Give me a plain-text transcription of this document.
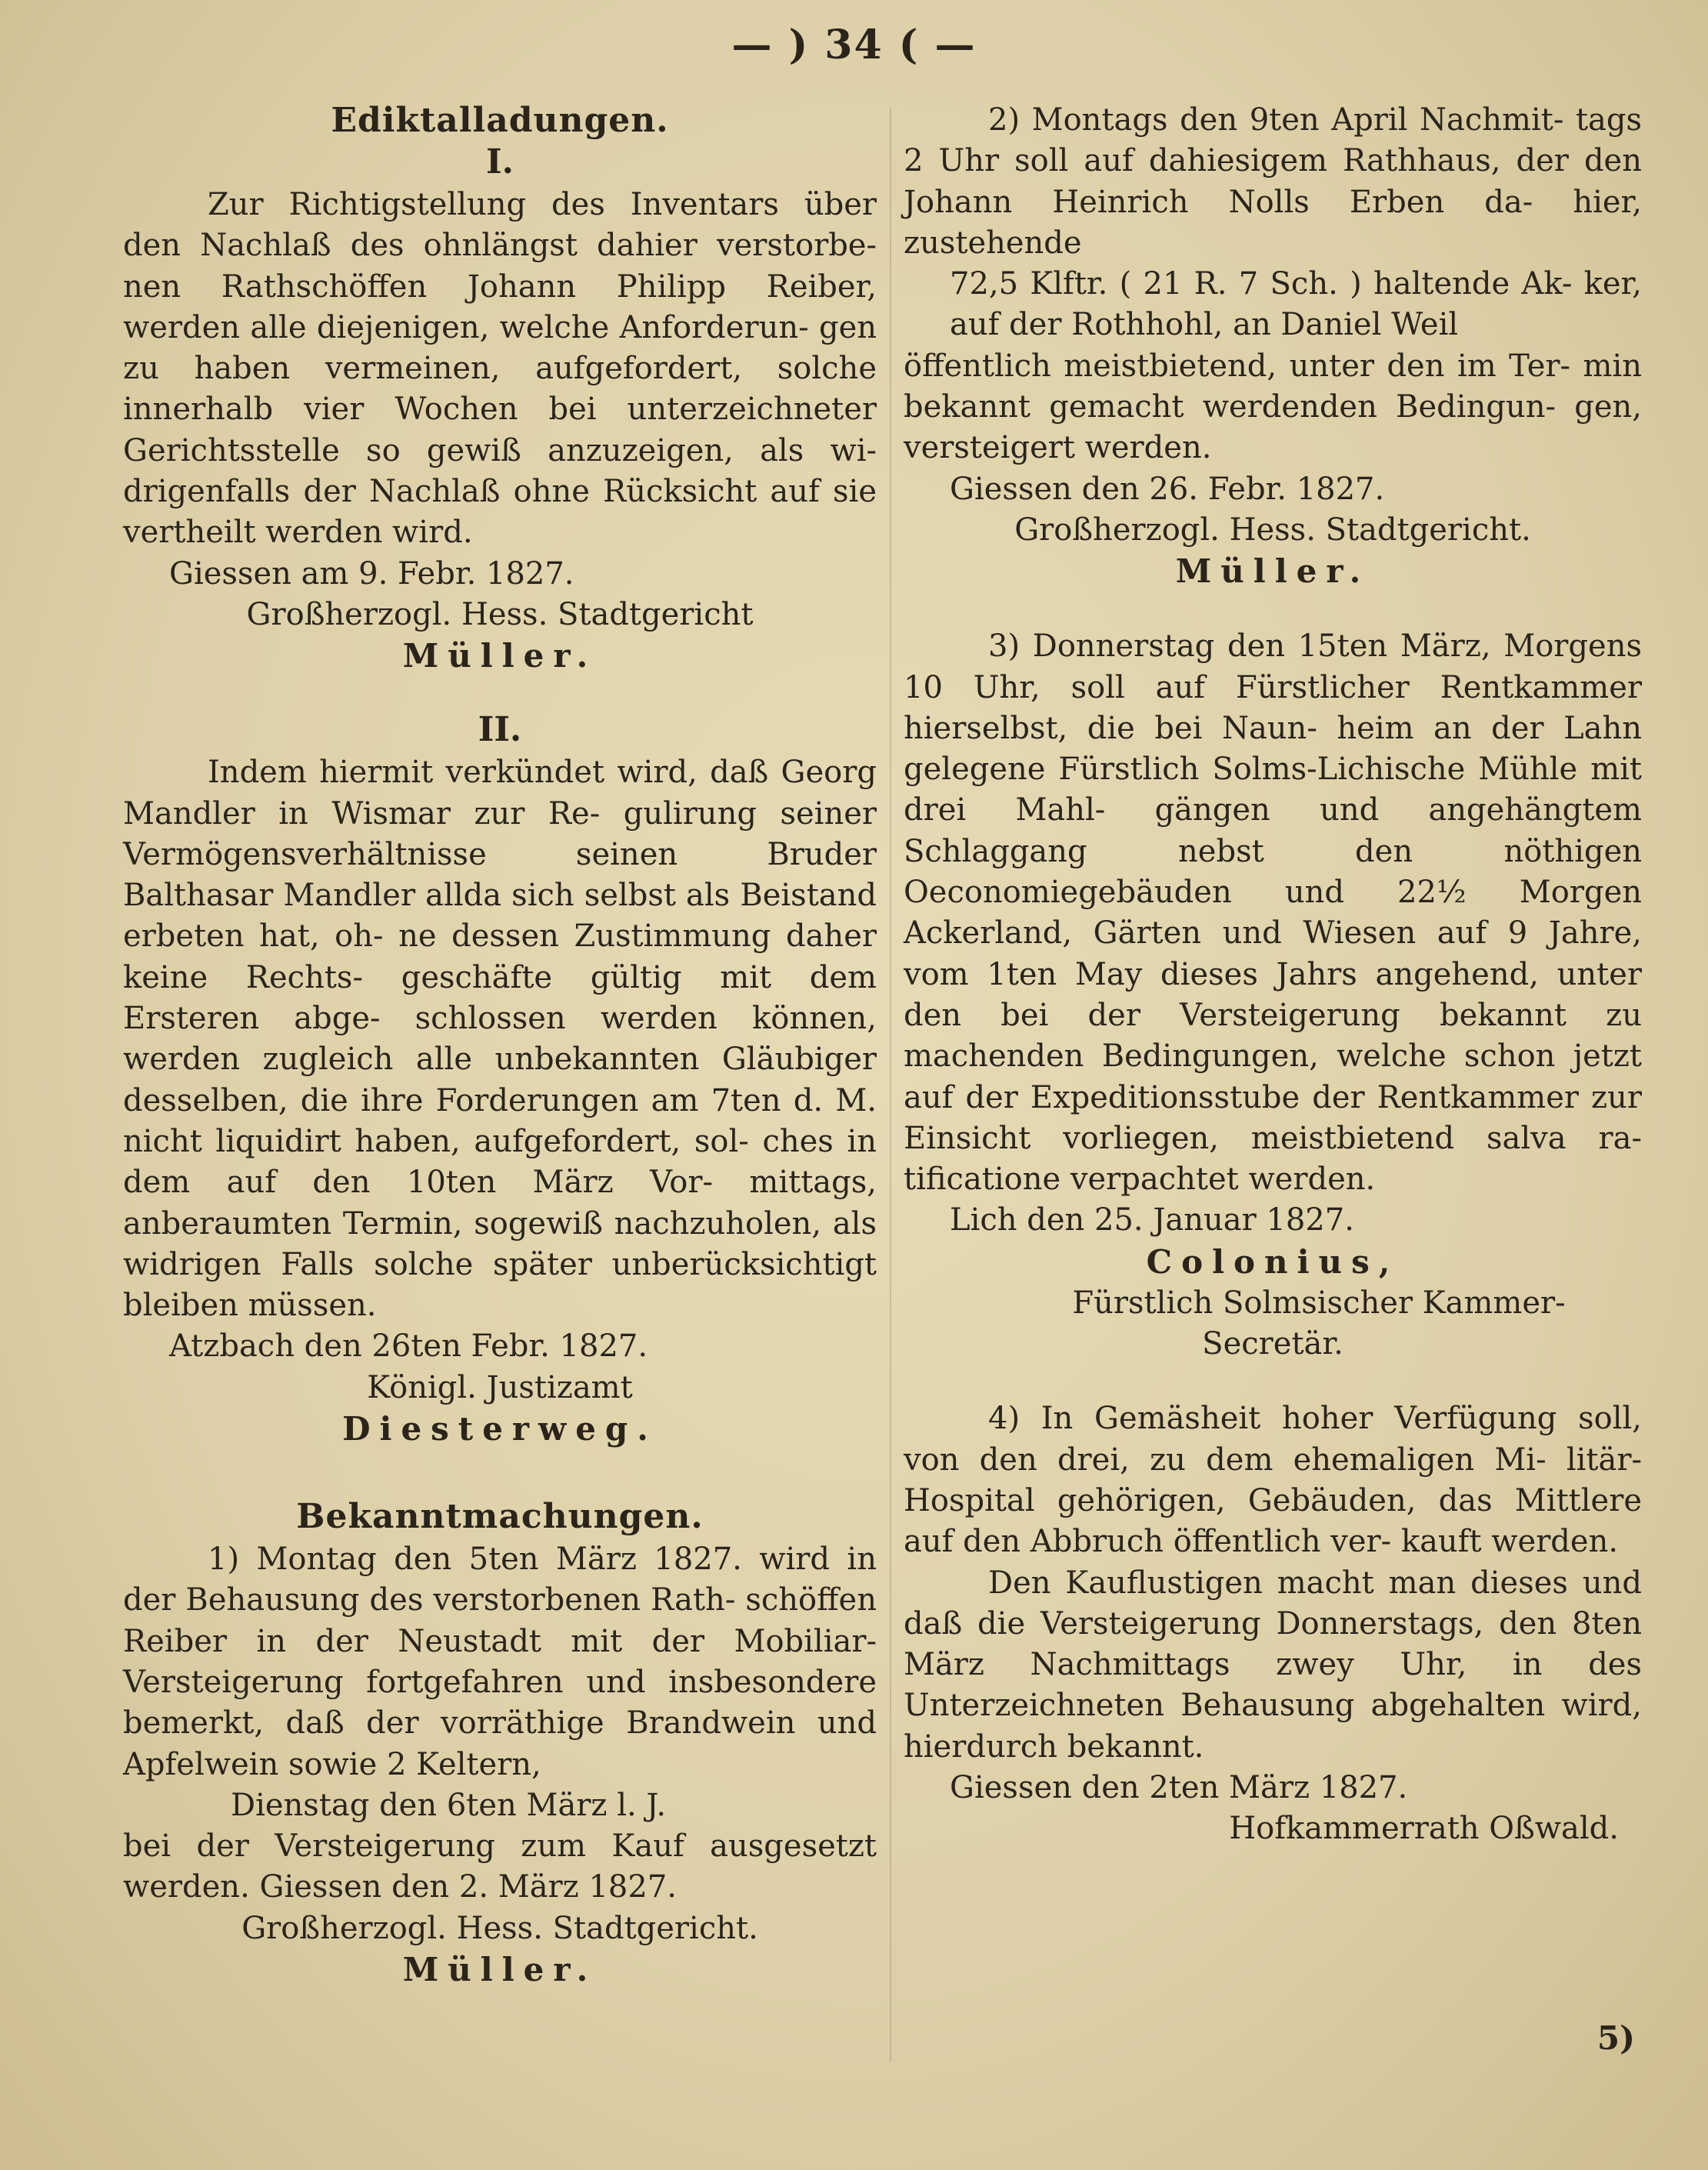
— ) 34 ( —
Ediktalladungen.
I.

Zur Richtigstellung des Inventars über den Nachlaß des ohnlängst dahier verstorbe- nen Rathschöffen Johann Philipp Reiber, werden alle diejenigen, welche Anforderun- gen zu haben vermeinen, aufgefordert, solche innerhalb vier Wochen bei unterzeichneter Gerichtsstelle so gewiß anzuzeigen, als wi- drigenfalls der Nachlaß ohne Rücksicht auf sie vertheilt werden wird.

Giessen am 9. Febr. 1827.
Großherzogl. Hess. Stadtgericht
Müller.
II.

Indem hiermit verkündet wird, daß Georg Mandler in Wismar zur Re- gulirung seiner Vermögensverhältnisse seinen Bruder Balthasar Mandler allda sich selbst als Beistand erbeten hat, oh- ne dessen Zustimmung daher keine Rechts- geschäfte gültig mit dem Ersteren abge- schlossen werden können, werden zugleich alle unbekannten Gläubiger desselben, die ihre Forderungen am 7ten d. M. nicht liquidirt haben, aufgefordert, sol- ches in dem auf den 10ten März Vor- mittags, anberaumten Termin, sogewiß nachzuholen, als widrigen Falls solche später unberücksichtigt bleiben müssen.

Atzbach den 26ten Febr. 1827.
Königl. Justizamt
Diesterweg.
Bekanntmachungen.

1) Montag den 5ten März 1827. wird in der Behausung des verstorbenen Rath- schöffen Reiber in der Neustadt mit der Mobiliar-Versteigerung fortgefahren und insbesondere bemerkt, daß der vorräthige Brandwein und Apfelwein sowie 2 Keltern,

Dienstag den 6ten März l. J.

bei der Versteigerung zum Kauf ausgesetzt werden. Giessen den 2. März 1827.

Großherzogl. Hess. Stadtgericht.
Müller.

2) Montags den 9ten April Nachmit- tags 2 Uhr soll auf dahiesigem Rathhaus, der den Johann Heinrich Nolls Erben da- hier, zustehende

72,5 Klftr. ( 21 R. 7 Sch. ) haltende Ak- ker, auf der Rothhohl, an Daniel Weil

öffentlich meistbietend, unter den im Ter- min bekannt gemacht werdenden Bedingun- gen, versteigert werden.

Giessen den 26. Febr. 1827.
Großherzogl. Hess. Stadtgericht.
Müller.

3) Donnerstag den 15ten März, Morgens 10 Uhr, soll auf Fürstlicher Rentkammer hierselbst, die bei Naun- heim an der Lahn gelegene Fürstlich Solms-Lichische Mühle mit drei Mahl- gängen und angehängtem Schlaggang nebst den nöthigen Oeconomiegebäuden und 22½ Morgen Ackerland, Gärten und Wiesen auf 9 Jahre, vom 1ten May dieses Jahrs angehend, unter den bei der Versteigerung bekannt zu machenden Bedingungen, welche schon jetzt auf der Expeditionsstube der Rentkammer zur Einsicht vorliegen, meistbietend salva ra- tificatione verpachtet werden.

Lich den 25. Januar 1827.
Colonius,
Fürstlich Solmsischer Kammer-
Secretär.

4) In Gemäsheit hoher Verfügung soll, von den drei, zu dem ehemaligen Mi- litär-Hospital gehörigen, Gebäuden, das Mittlere auf den Abbruch öffentlich ver- kauft werden.

Den Kauflustigen macht man dieses und daß die Versteigerung Donnerstags, den 8ten März Nachmittags zwey Uhr, in des Unterzeichneten Behausung abgehalten wird, hierdurch bekannt.

Giessen den 2ten März 1827.
Hofkammerrath Oßwald.
5)
